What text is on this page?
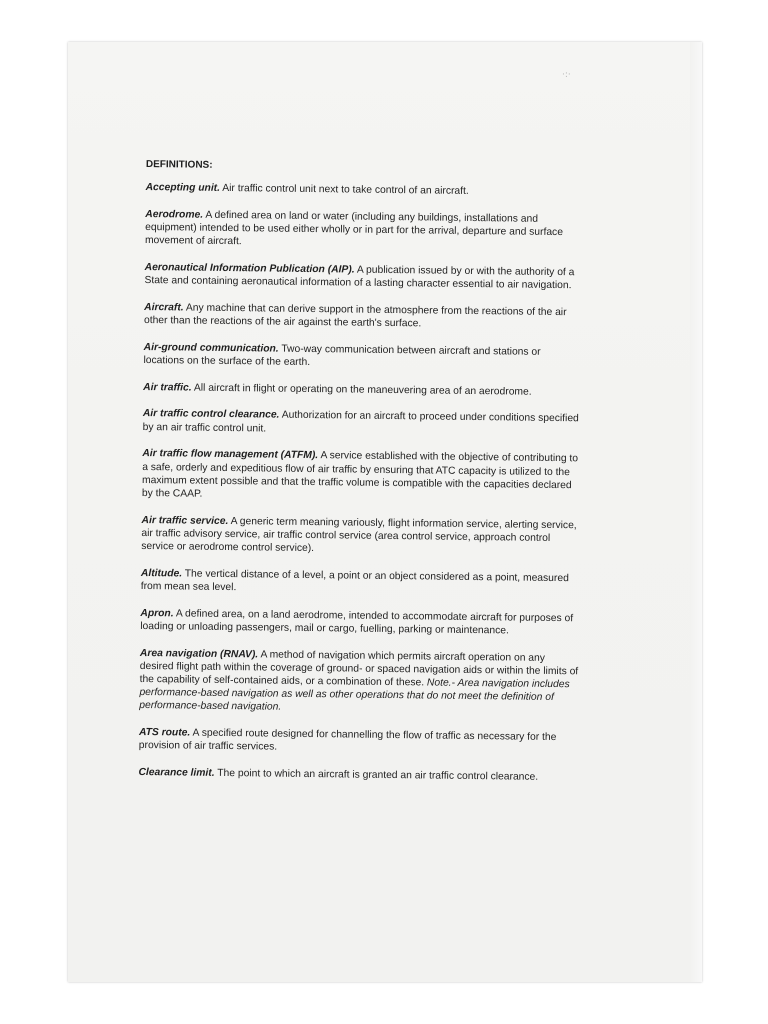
·:·
DEFINITIONS:
Accepting unit. Air traffic control unit next to take control of an aircraft.
Aerodrome. A defined area on land or water (including any buildings, installations and equipment) intended to be used either wholly or in part for the arrival, departure and surface movement of aircraft.
Aeronautical Information Publication (AIP). A publication issued by or with the authority of a State and containing aeronautical information of a lasting character essential to air navigation.
Aircraft. Any machine that can derive support in the atmosphere from the reactions of the air other than the reactions of the air against the earth's surface.
Air-ground communication. Two-way communication between aircraft and stations or locations on the surface of the earth.
Air traffic. All aircraft in flight or operating on the maneuvering area of an aerodrome.
Air traffic control clearance. Authorization for an aircraft to proceed under conditions specified by an air traffic control unit.
Air traffic flow management (ATFM). A service established with the objective of contributing to a safe, orderly and expeditious flow of air traffic by ensuring that ATC capacity is utilized to the maximum extent possible and that the traffic volume is compatible with the capacities declared by the CAAP.
Air traffic service. A generic term meaning variously, flight information service, alerting service, air traffic advisory service, air traffic control service (area control service, approach control service or aerodrome control service).
Altitude. The vertical distance of a level, a point or an object considered as a point, measured from mean sea level.
Apron. A defined area, on a land aerodrome, intended to accommodate aircraft for purposes of loading or unloading passengers, mail or cargo, fuelling, parking or maintenance.
Area navigation (RNAV). A method of navigation which permits aircraft operation on any desired flight path within the coverage of ground- or spaced navigation aids or within the limits of the capability of self-contained aids, or a combination of these. Note.- Area navigation includes performance-based navigation as well as other operations that do not meet the definition of performance-based navigation.
ATS route. A specified route designed for channelling the flow of traffic as necessary for the provision of air traffic services.
Clearance limit. The point to which an aircraft is granted an air traffic control clearance.
